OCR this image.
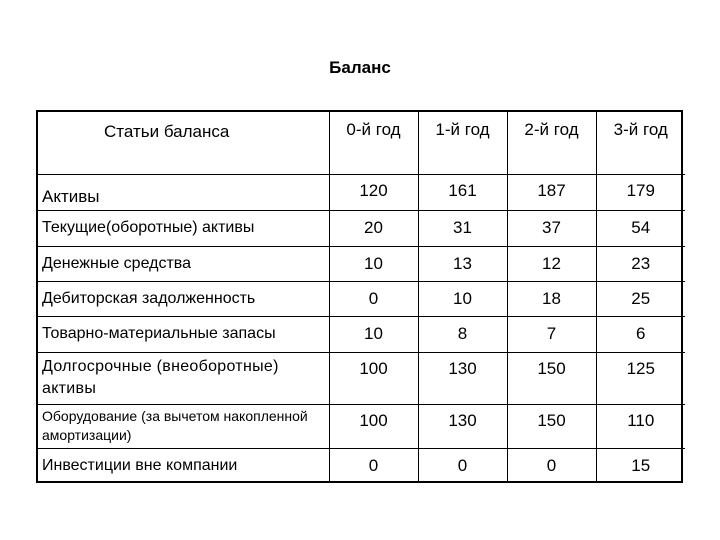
Баланс
Статьи баланса	0-й год	1-й год	2-й год	3-й год
Активы	120	161	187	179
Текущие(оборотные) активы	20	31	37	54
Денежные средства	10	13	12	23
Дебиторская задолженность	0	10	18	25
Товарно-материальные запасы	10	8	7	6
Долгосрочные (внеоборотные) активы	100	130	150	125
Оборудование (за вычетом накопленной амортизации)	100	130	150	110
Инвестиции вне компании	0	0	0	15
